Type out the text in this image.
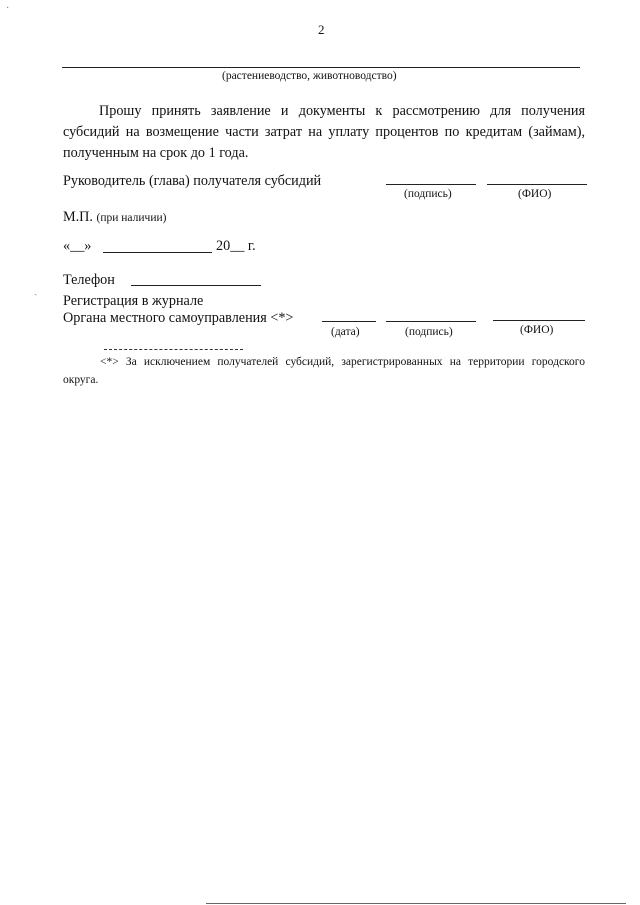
2
(растениеводство, животноводство)
Прошу принять заявление и документы к рассмотрению для получения субсидий на возмещение части затрат на уплату процентов по кредитам (займам), полученным на срок до 1 года.
Руководитель (глава) получателя субсидий
(подпись)	(ФИО)
М.П. (при наличии)
«__»	20__ г.
Телефон
Регистрация в журнале
Органа местного самоуправления <*>
(дата)	(подпись)	(ФИО)
<*> За исключением получателей субсидий, зарегистрированных на территории городского округа.
·
ˎ
